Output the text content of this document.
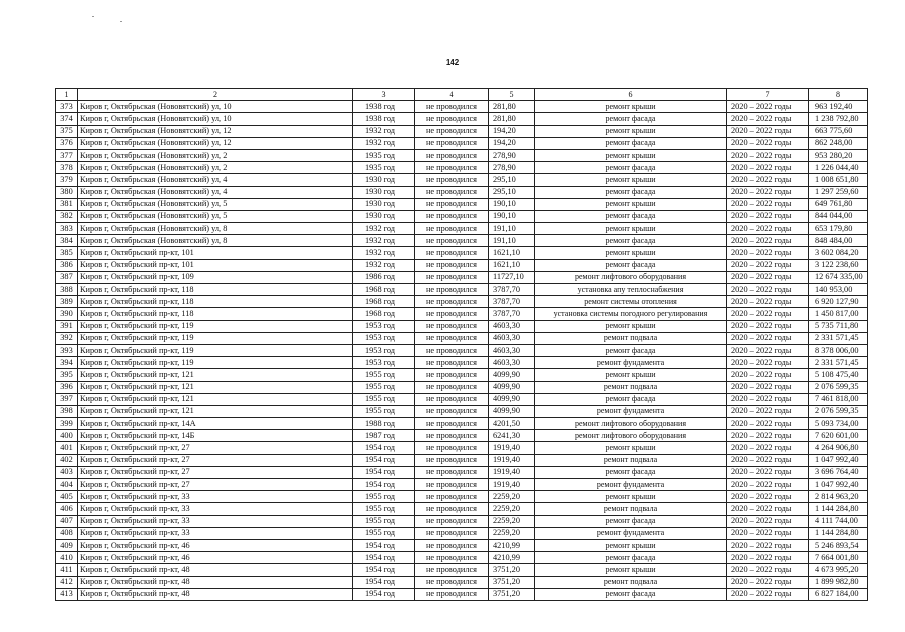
142
1	2	3	4	5	6	7	8
373	Киров г, Октябрьская (Нововятский) ул, 10	1938 год	не проводился	281,80	ремонт крыши	2020 – 2022 годы	963 192,40
374	Киров г, Октябрьская (Нововятский) ул, 10	1938 год	не проводился	281,80	ремонт фасада	2020 – 2022 годы	1 238 792,80
375	Киров г, Октябрьская (Нововятский) ул, 12	1932 год	не проводился	194,20	ремонт крыши	2020 – 2022 годы	663 775,60
376	Киров г, Октябрьская (Нововятский) ул, 12	1932 год	не проводился	194,20	ремонт фасада	2020 – 2022 годы	862 248,00
377	Киров г, Октябрьская (Нововятский) ул, 2	1935 год	не проводился	278,90	ремонт крыши	2020 – 2022 годы	953 280,20
378	Киров г, Октябрьская (Нововятский) ул, 2	1935 год	не проводился	278,90	ремонт фасада	2020 – 2022 годы	1 226 044,40
379	Киров г, Октябрьская (Нововятский) ул, 4	1930 год	не проводился	295,10	ремонт крыши	2020 – 2022 годы	1 008 651,80
380	Киров г, Октябрьская (Нововятский) ул, 4	1930 год	не проводился	295,10	ремонт фасада	2020 – 2022 годы	1 297 259,60
381	Киров г, Октябрьская (Нововятский) ул, 5	1930 год	не проводился	190,10	ремонт крыши	2020 – 2022 годы	649 761,80
382	Киров г, Октябрьская (Нововятский) ул, 5	1930 год	не проводился	190,10	ремонт фасада	2020 – 2022 годы	844 044,00
383	Киров г, Октябрьская (Нововятский) ул, 8	1932 год	не проводился	191,10	ремонт крыши	2020 – 2022 годы	653 179,80
384	Киров г, Октябрьская (Нововятский) ул, 8	1932 год	не проводился	191,10	ремонт фасада	2020 – 2022 годы	848 484,00
385	Киров г, Октябрьский пр-кт, 101	1932 год	не проводился	1621,10	ремонт крыши	2020 – 2022 годы	3 602 084,20
386	Киров г, Октябрьский пр-кт, 101	1932 год	не проводился	1621,10	ремонт фасада	2020 – 2022 годы	3 122 238,60
387	Киров г, Октябрьский пр-кт, 109	1986 год	не проводился	11727,10	ремонт лифтового оборудования	2020 – 2022 годы	12 674 335,00
388	Киров г, Октябрьский пр-кт, 118	1968 год	не проводился	3787,70	установка апу теплоснабжения	2020 – 2022 годы	140 953,00
389	Киров г, Октябрьский пр-кт, 118	1968 год	не проводился	3787,70	ремонт системы отопления	2020 – 2022 годы	6 920 127,90
390	Киров г, Октябрьский пр-кт, 118	1968 год	не проводился	3787,70	установка системы погодного регулирования	2020 – 2022 годы	1 450 817,00
391	Киров г, Октябрьский пр-кт, 119	1953 год	не проводился	4603,30	ремонт крыши	2020 – 2022 годы	5 735 711,80
392	Киров г, Октябрьский пр-кт, 119	1953 год	не проводился	4603,30	ремонт подвала	2020 – 2022 годы	2 331 571,45
393	Киров г, Октябрьский пр-кт, 119	1953 год	не проводился	4603,30	ремонт фасада	2020 – 2022 годы	8 378 006,00
394	Киров г, Октябрьский пр-кт, 119	1953 год	не проводился	4603,30	ремонт фундамента	2020 – 2022 годы	2 331 571,45
395	Киров г, Октябрьский пр-кт, 121	1955 год	не проводился	4099,90	ремонт крыши	2020 – 2022 годы	5 108 475,40
396	Киров г, Октябрьский пр-кт, 121	1955 год	не проводился	4099,90	ремонт подвала	2020 – 2022 годы	2 076 599,35
397	Киров г, Октябрьский пр-кт, 121	1955 год	не проводился	4099,90	ремонт фасада	2020 – 2022 годы	7 461 818,00
398	Киров г, Октябрьский пр-кт, 121	1955 год	не проводился	4099,90	ремонт фундамента	2020 – 2022 годы	2 076 599,35
399	Киров г, Октябрьский пр-кт, 14А	1988 год	не проводился	4201,50	ремонт лифтового оборудования	2020 – 2022 годы	5 093 734,00
400	Киров г, Октябрьский пр-кт, 14Б	1987 год	не проводился	6241,30	ремонт лифтового оборудования	2020 – 2022 годы	7 620 601,00
401	Киров г, Октябрьский пр-кт, 27	1954 год	не проводился	1919,40	ремонт крыши	2020 – 2022 годы	4 264 906,80
402	Киров г, Октябрьский пр-кт, 27	1954 год	не проводился	1919,40	ремонт подвала	2020 – 2022 годы	1 047 992,40
403	Киров г, Октябрьский пр-кт, 27	1954 год	не проводился	1919,40	ремонт фасада	2020 – 2022 годы	3 696 764,40
404	Киров г, Октябрьский пр-кт, 27	1954 год	не проводился	1919,40	ремонт фундамента	2020 – 2022 годы	1 047 992,40
405	Киров г, Октябрьский пр-кт, 33	1955 год	не проводился	2259,20	ремонт крыши	2020 – 2022 годы	2 814 963,20
406	Киров г, Октябрьский пр-кт, 33	1955 год	не проводился	2259,20	ремонт подвала	2020 – 2022 годы	1 144 284,80
407	Киров г, Октябрьский пр-кт, 33	1955 год	не проводился	2259,20	ремонт фасада	2020 – 2022 годы	4 111 744,00
408	Киров г, Октябрьский пр-кт, 33	1955 год	не проводился	2259,20	ремонт фундамента	2020 – 2022 годы	1 144 284,80
409	Киров г, Октябрьский пр-кт, 46	1954 год	не проводился	4210,99	ремонт крыши	2020 – 2022 годы	5 246 893,54
410	Киров г, Октябрьский пр-кт, 46	1954 год	не проводился	4210,99	ремонт фасада	2020 – 2022 годы	7 664 001,80
411	Киров г, Октябрьский пр-кт, 48	1954 год	не проводился	3751,20	ремонт крыши	2020 – 2022 годы	4 673 995,20
412	Киров г, Октябрьский пр-кт, 48	1954 год	не проводился	3751,20	ремонт подвала	2020 – 2022 годы	1 899 982,80
413	Киров г, Октябрьский пр-кт, 48	1954 год	не проводился	3751,20	ремонт фасада	2020 – 2022 годы	6 827 184,00
